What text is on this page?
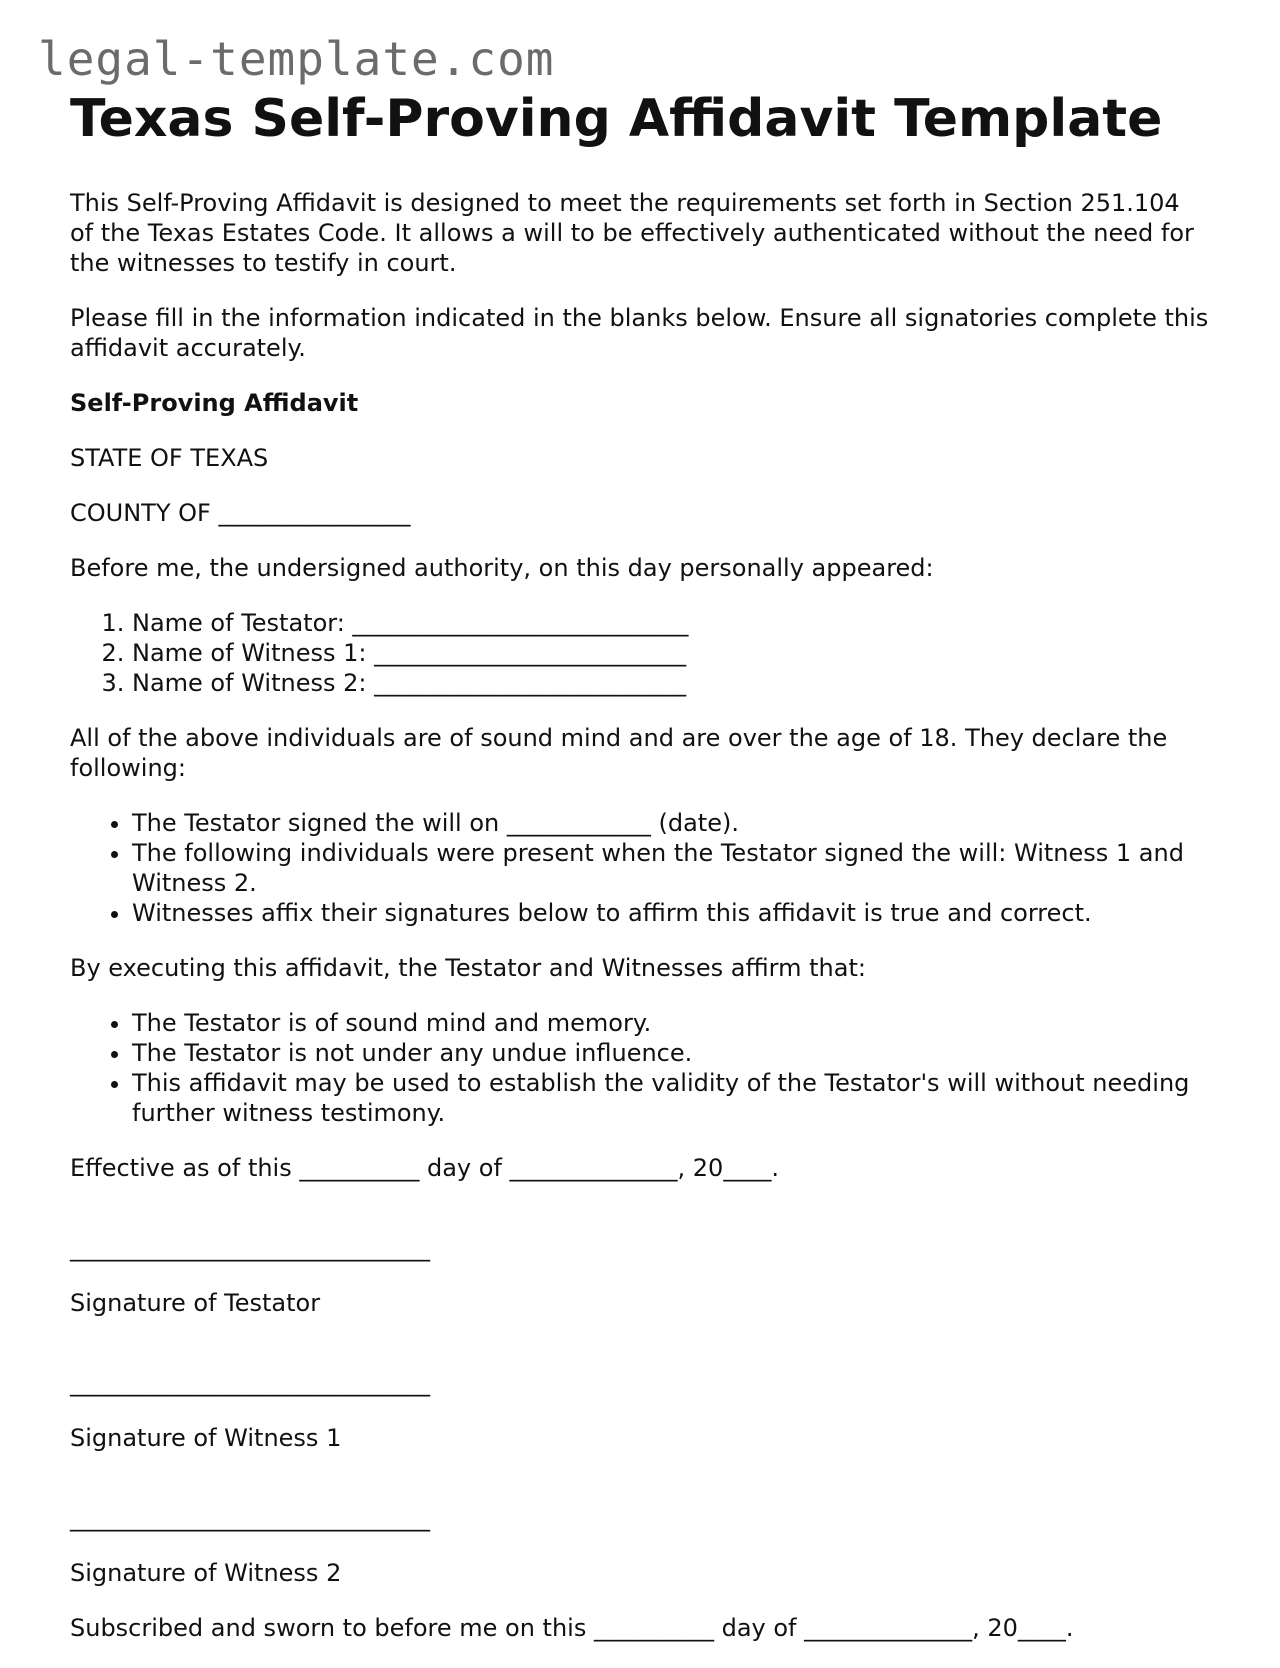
legal-template.com
Texas Self-Proving Affidavit Template

This Self-Proving Affidavit is designed to meet the requirements set forth in Section 251.104 of the Texas Estates Code. It allows a will to be effectively authenticated without the need for the witnesses to testify in court.

Please fill in the information indicated in the blanks below. Ensure all signatories complete this affidavit accurately.

Self-Proving Affidavit

STATE OF TEXAS

COUNTY OF ________________

Before me, the undersigned authority, on this day personally appeared:

1. Name of Testator: ____________________________
2. Name of Witness 1: __________________________
3. Name of Witness 2: __________________________

All of the above individuals are of sound mind and are over the age of 18. They declare the following:

• The Testator signed the will on ____________ (date).
• The following individuals were present when the Testator signed the will: Witness 1 and Witness 2.
• Witnesses affix their signatures below to affirm this affidavit is true and correct.

By executing this affidavit, the Testator and Witnesses affirm that:

• The Testator is of sound mind and memory.
• The Testator is not under any undue influence.
• This affidavit may be used to establish the validity of the Testator's will without needing further witness testimony.

Effective as of this __________ day of ______________, 20____.

______________________________

Signature of Testator

______________________________

Signature of Witness 1

______________________________

Signature of Witness 2

Subscribed and sworn to before me on this __________ day of ______________, 20____.
